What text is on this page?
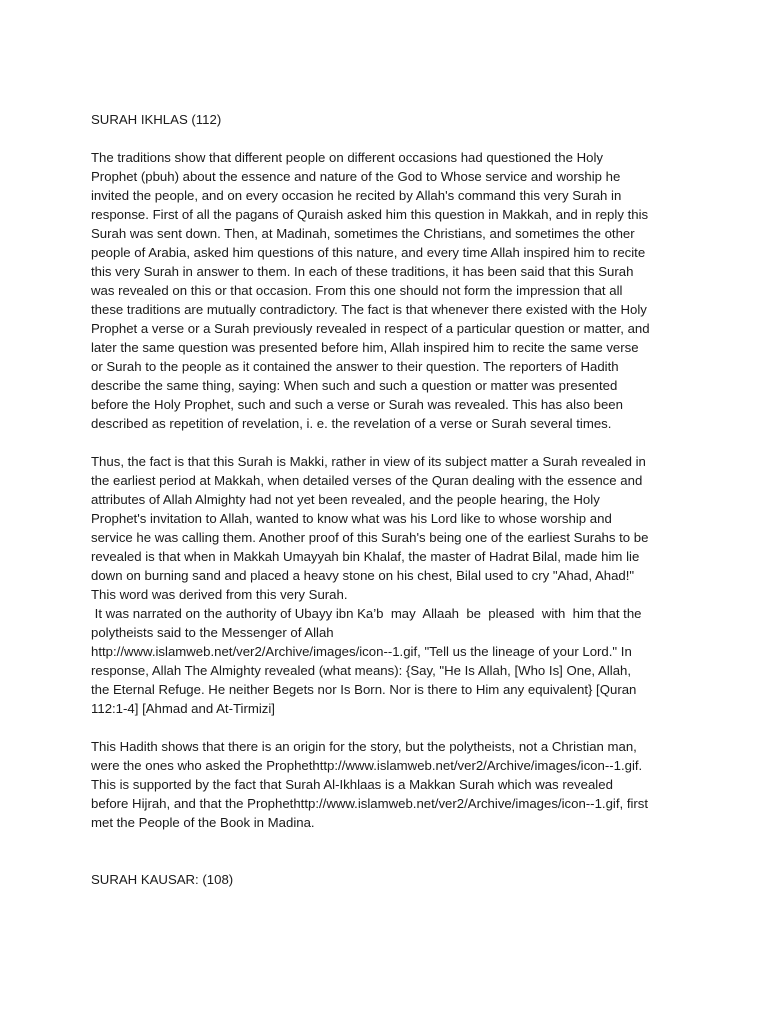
SURAH IKHLAS (112)
The traditions show that different people on different occasions had questioned the Holy
Prophet (pbuh) about the essence and nature of the God to Whose service and worship he
invited the people, and on every occasion he recited by Allah's command this very Surah in
response. First of all the pagans of Quraish asked him this question in Makkah, and in reply this
Surah was sent down. Then, at Madinah, sometimes the Christians, and sometimes the other
people of Arabia, asked him questions of this nature, and every time Allah inspired him to recite
this very Surah in answer to them. In each of these traditions, it has been said that this Surah
was revealed on this or that occasion. From this one should not form the impression that all
these traditions are mutually contradictory. The fact is that whenever there existed with the Holy
Prophet a verse or a Surah previously revealed in respect of a particular question or matter, and
later the same question was presented before him, Allah inspired him to recite the same verse
or Surah to the people as it contained the answer to their question. The reporters of Hadith
describe the same thing, saying: When such and such a question or matter was presented
before the Holy Prophet, such and such a verse or Surah was revealed. This has also been
described as repetition of revelation, i. e. the revelation of a verse or Surah several times.
Thus, the fact is that this Surah is Makki, rather in view of its subject matter a Surah revealed in
the earliest period at Makkah, when detailed verses of the Quran dealing with the essence and
attributes of Allah Almighty had not yet been revealed, and the people hearing, the Holy
Prophet's invitation to Allah, wanted to know what was his Lord like to whose worship and
service he was calling them. Another proof of this Surah's being one of the earliest Surahs to be
revealed is that when in Makkah Umayyah bin Khalaf, the master of Hadrat Bilal, made him lie
down on burning sand and placed a heavy stone on his chest, Bilal used to cry "Ahad, Ahad!"
This word was derived from this very Surah.
It was narrated on the authority of Ubayy ibn Ka’b  may  Allaah  be  pleased  with  him that the
polytheists said to the Messenger of Allah
http://www.islamweb.net/ver2/Archive/images/icon--1.gif, "Tell us the lineage of your Lord." In
response, Allah The Almighty revealed (what means): {Say, "He Is Allah, [Who Is] One, Allah,
the Eternal Refuge. He neither Begets nor Is Born. Nor is there to Him any equivalent} [Quran
112:1-4] [Ahmad and At-Tirmizi]
This Hadith shows that there is an origin for the story, but the polytheists, not a Christian man,
were the ones who asked the Prophethttp://www.islamweb.net/ver2/Archive/images/icon--1.gif.
This is supported by the fact that Surah Al-Ikhlaas is a Makkan Surah which was revealed
before Hijrah, and that the Prophethttp://www.islamweb.net/ver2/Archive/images/icon--1.gif, first
met the People of the Book in Madina.
SURAH KAUSAR: (108)
